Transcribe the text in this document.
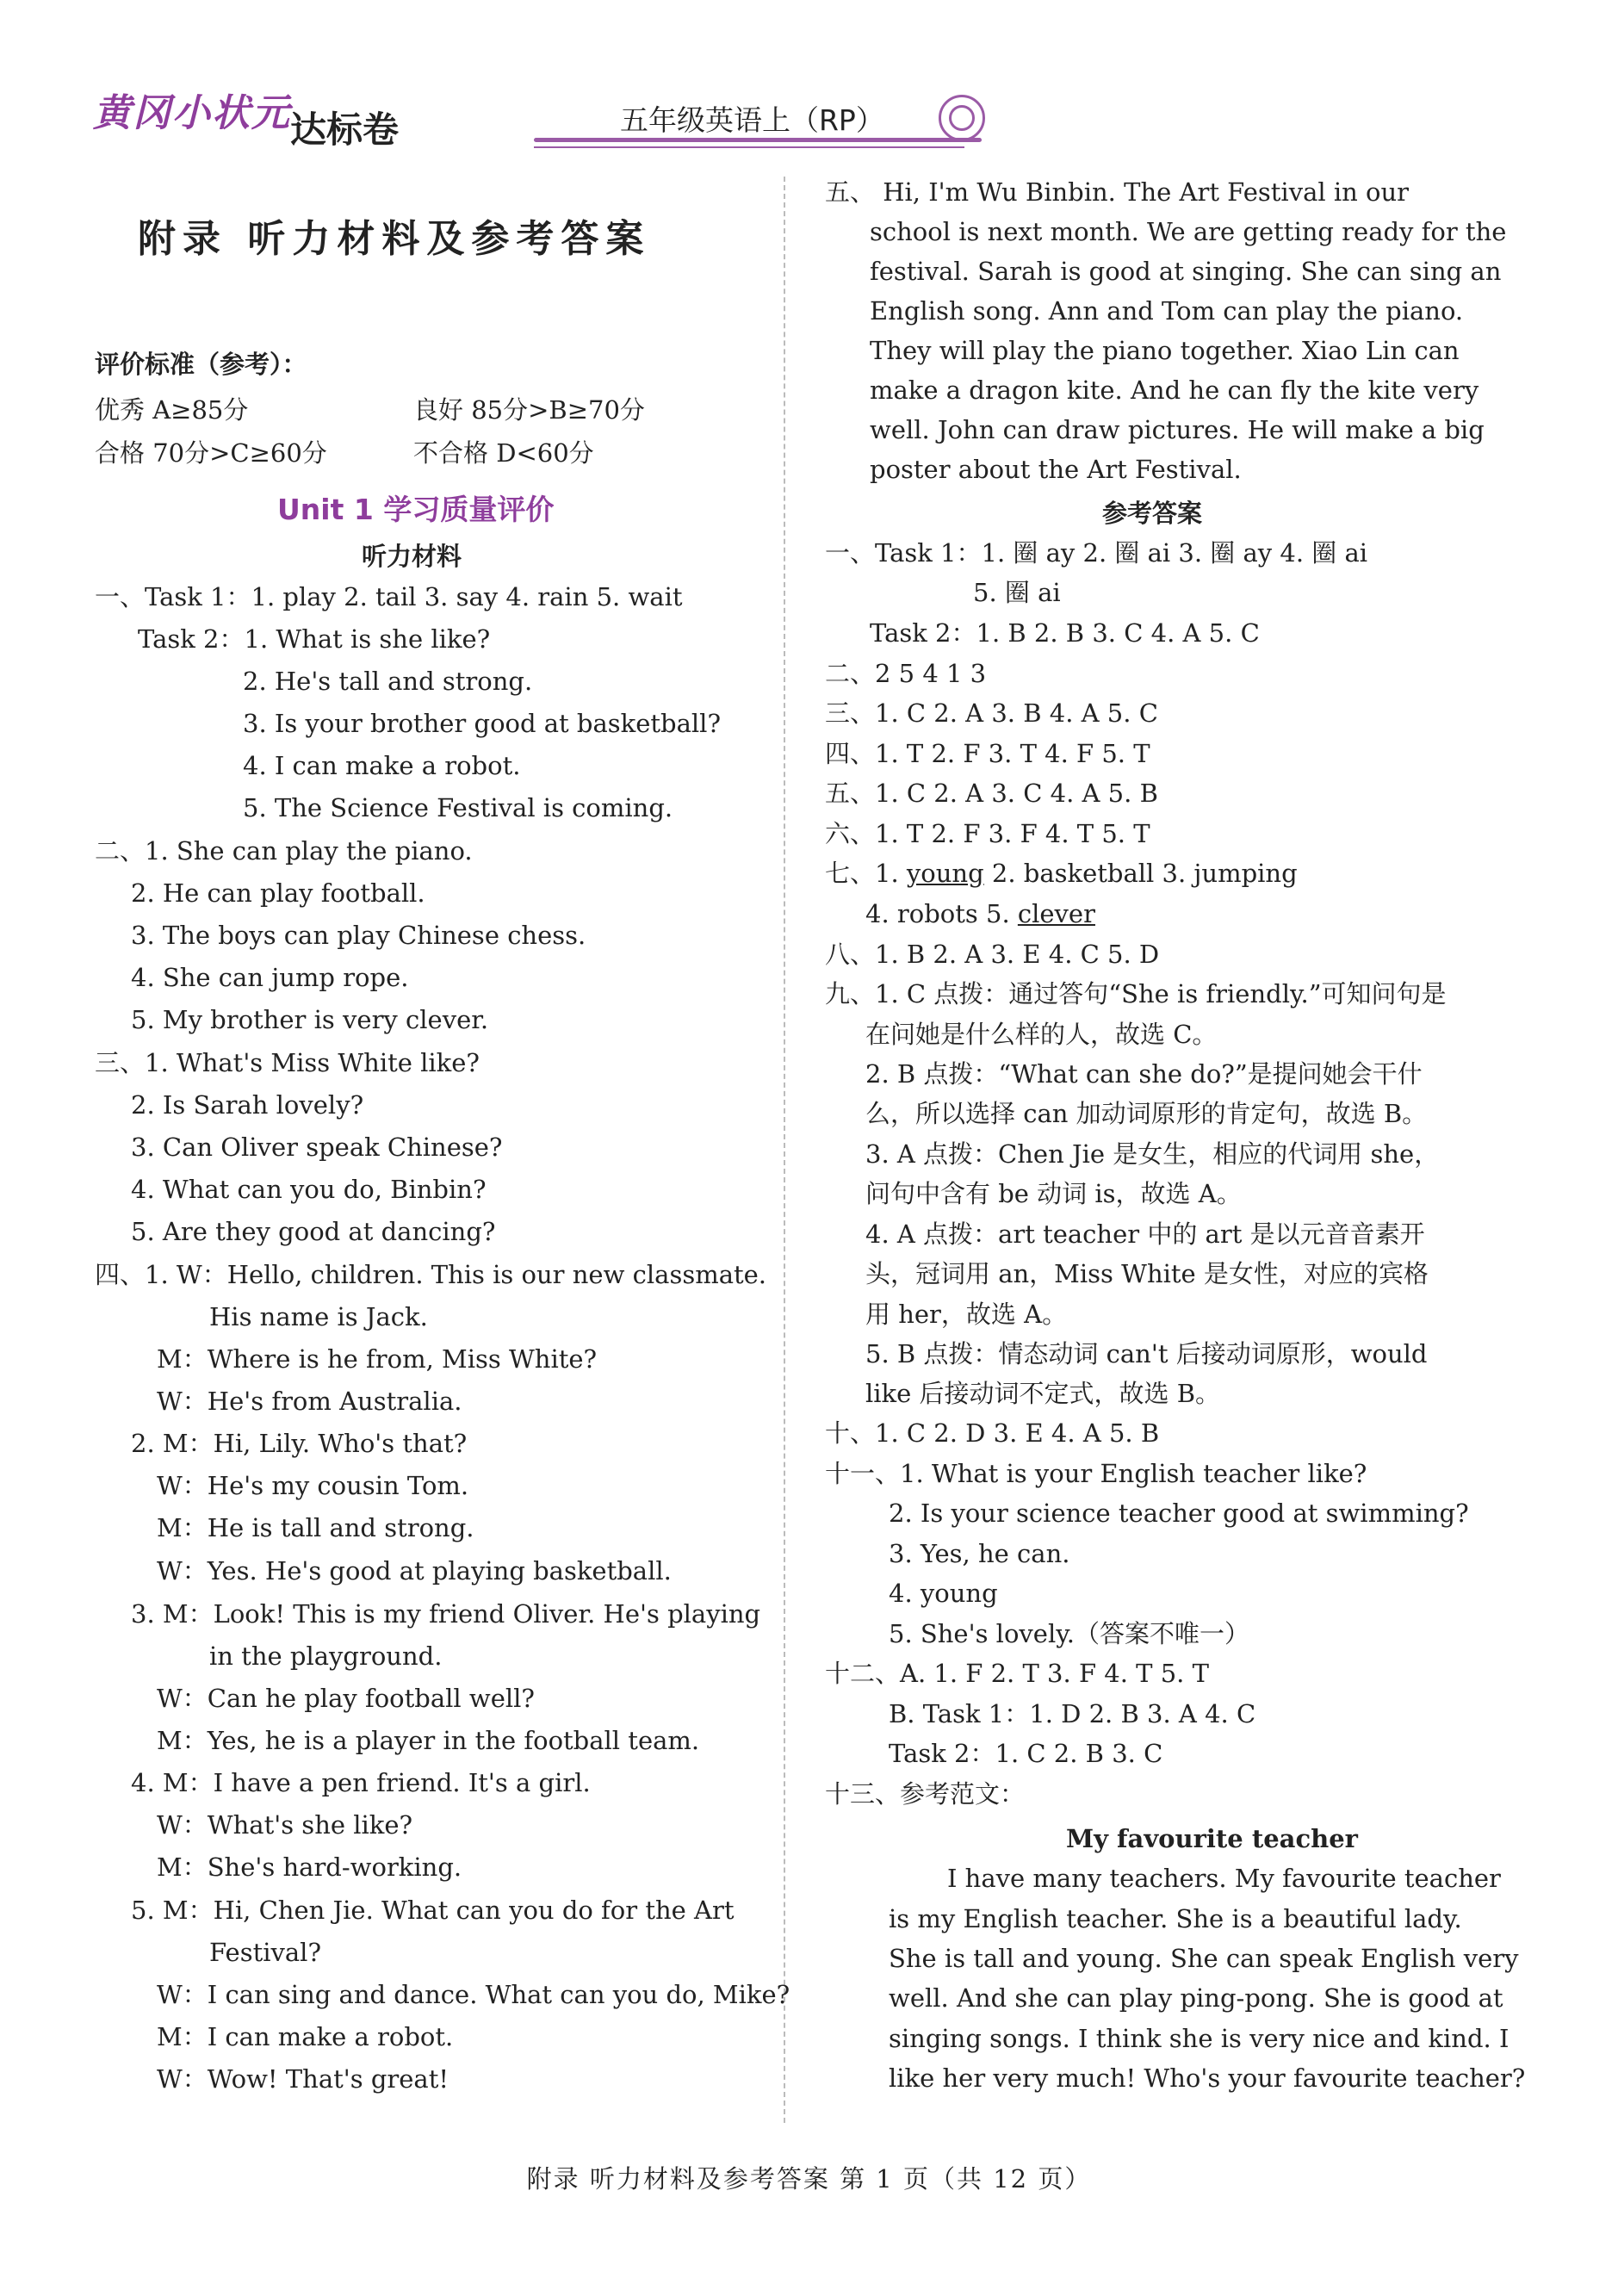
黄冈小状元 达标卷	五年级英语上（RP）
附录 听力材料及参考答案
评价标准（参考）：
优秀 A≥85分	良好 85分>B≥70分
合格 70分>C≥60分	不合格 D<60分
Unit 1 学习质量评价
听力材料
一、Task 1：1. play 2. tail 3. say 4. rain 5. wait
Task 2：1. What is she like?
2. He's tall and strong.
3. Is your brother good at basketball?
4. I can make a robot.
5. The Science Festival is coming.
二、1. She can play the piano.
2. He can play football.
3. The boys can play Chinese chess.
4. She can jump rope.
5. My brother is very clever.
三、1. What's Miss White like?
2. Is Sarah lovely?
3. Can Oliver speak Chinese?
4. What can you do, Binbin?
5. Are they good at dancing?
四、1. W：Hello, children. This is our new classmate.
His name is Jack.
M：Where is he from, Miss White?
W：He's from Australia.
2. M：Hi, Lily. Who's that?
W：He's my cousin Tom.
M：He is tall and strong.
W：Yes. He's good at playing basketball.
3. M：Look! This is my friend Oliver. He's playing
in the playground.
W：Can he play football well?
M：Yes, he is a player in the football team.
4. M：I have a pen friend. It's a girl.
W：What's she like?
M：She's hard-working.
5. M：Hi, Chen Jie. What can you do for the Art
Festival?
W：I can sing and dance. What can you do, Mike?
M：I can make a robot.
W：Wow! That's great!
五、 Hi, I'm Wu Binbin. The Art Festival in our
school is next month. We are getting ready for the
festival. Sarah is good at singing. She can sing an
English song. Ann and Tom can play the piano.
They will play the piano together. Xiao Lin can
make a dragon kite. And he can fly the kite very
well. John can draw pictures. He will make a big
poster about the Art Festival.
参考答案
一、Task 1：1. 圈 ay 2. 圈 ai 3. 圈 ay 4. 圈 ai
5. 圈 ai
Task 2：1. B 2. B 3. C 4. A 5. C
二、2 5 4 1 3
三、1. C 2. A 3. B 4. A 5. C
四、1. T 2. F 3. T 4. F 5. T
五、1. C 2. A 3. C 4. A 5. B
六、1. T 2. F 3. F 4. T 5. T
七、1. young 2. basketball 3. jumping
4. robots 5. clever
八、1. B 2. A 3. E 4. C 5. D
九、1. C 点拨：通过答句“She is friendly.”可知问句是
在问她是什么样的人，故选 C。
2. B 点拨：“What can she do?”是提问她会干什
么，所以选择 can 加动词原形的肯定句，故选 B。
3. A 点拨：Chen Jie 是女生，相应的代词用 she，
问句中含有 be 动词 is，故选 A。
4. A 点拨：art teacher 中的 art 是以元音音素开
头，冠词用 an，Miss White 是女性，对应的宾格
用 her，故选 A。
5. B 点拨：情态动词 can't 后接动词原形，would
like 后接动词不定式，故选 B。
十、1. C 2. D 3. E 4. A 5. B
十一、1. What is your English teacher like?
2. Is your science teacher good at swimming?
3. Yes, he can.
4. young
5. She's lovely.（答案不唯一）
十二、A. 1. F 2. T 3. F 4. T 5. T
B. Task 1：1. D 2. B 3. A 4. C
Task 2：1. C 2. B 3. C
十三、参考范文：
My favourite teacher
I have many teachers. My favourite teacher
is my English teacher. She is a beautiful lady.
She is tall and young. She can speak English very
well. And she can play ping-pong. She is good at
singing songs. I think she is very nice and kind. I
like her very much! Who's your favourite teacher?
附录 听力材料及参考答案 第 1 页（共 12 页）
